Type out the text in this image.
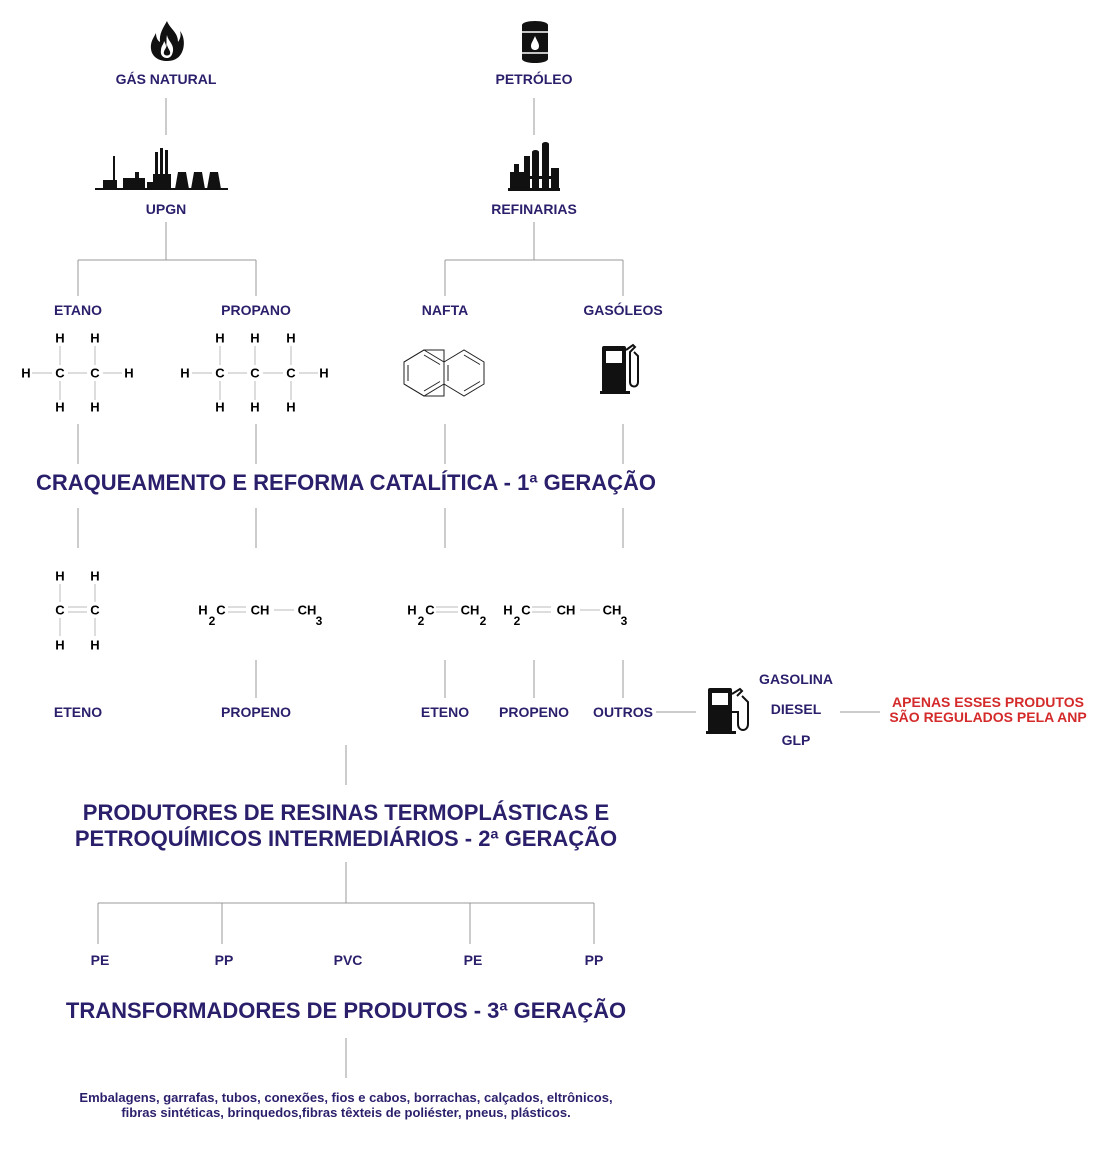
GÁS NATURAL	PETRÓLEO
UPGN	REFINARIAS
ETANO	PROPANO	NAFTA	GASÓLEOS
H H
H C C H
H H
H H H
H C C C H
H H H
CRAQUEAMENTO E REFORMA CATALÍTICA - 1ª GERAÇÃO
H H
C C
H H
H
2
C CH CH
3
H
2
C CH
2
H
2
C CH CH
3
ETENO	PROPENO	ETENO PROPENO OUTROS
GASOLINA
DIESEL
GLP
APENAS ESSES PRODUTOS
SÃO REGULADOS PELA ANP
PRODUTORES DE RESINAS TERMOPLÁSTICAS E
PETROQUÍMICOS INTERMEDIÁRIOS - 2ª GERAÇÃO
PE	PP	PVC	PE	PP
TRANSFORMADORES DE PRODUTOS - 3ª GERAÇÃO
Embalagens, garrafas, tubos, conexões, fios e cabos, borrachas, calçados, eltrônicos,
fibras sintéticas, brinquedos,fibras têxteis de poliéster, pneus, plásticos.
